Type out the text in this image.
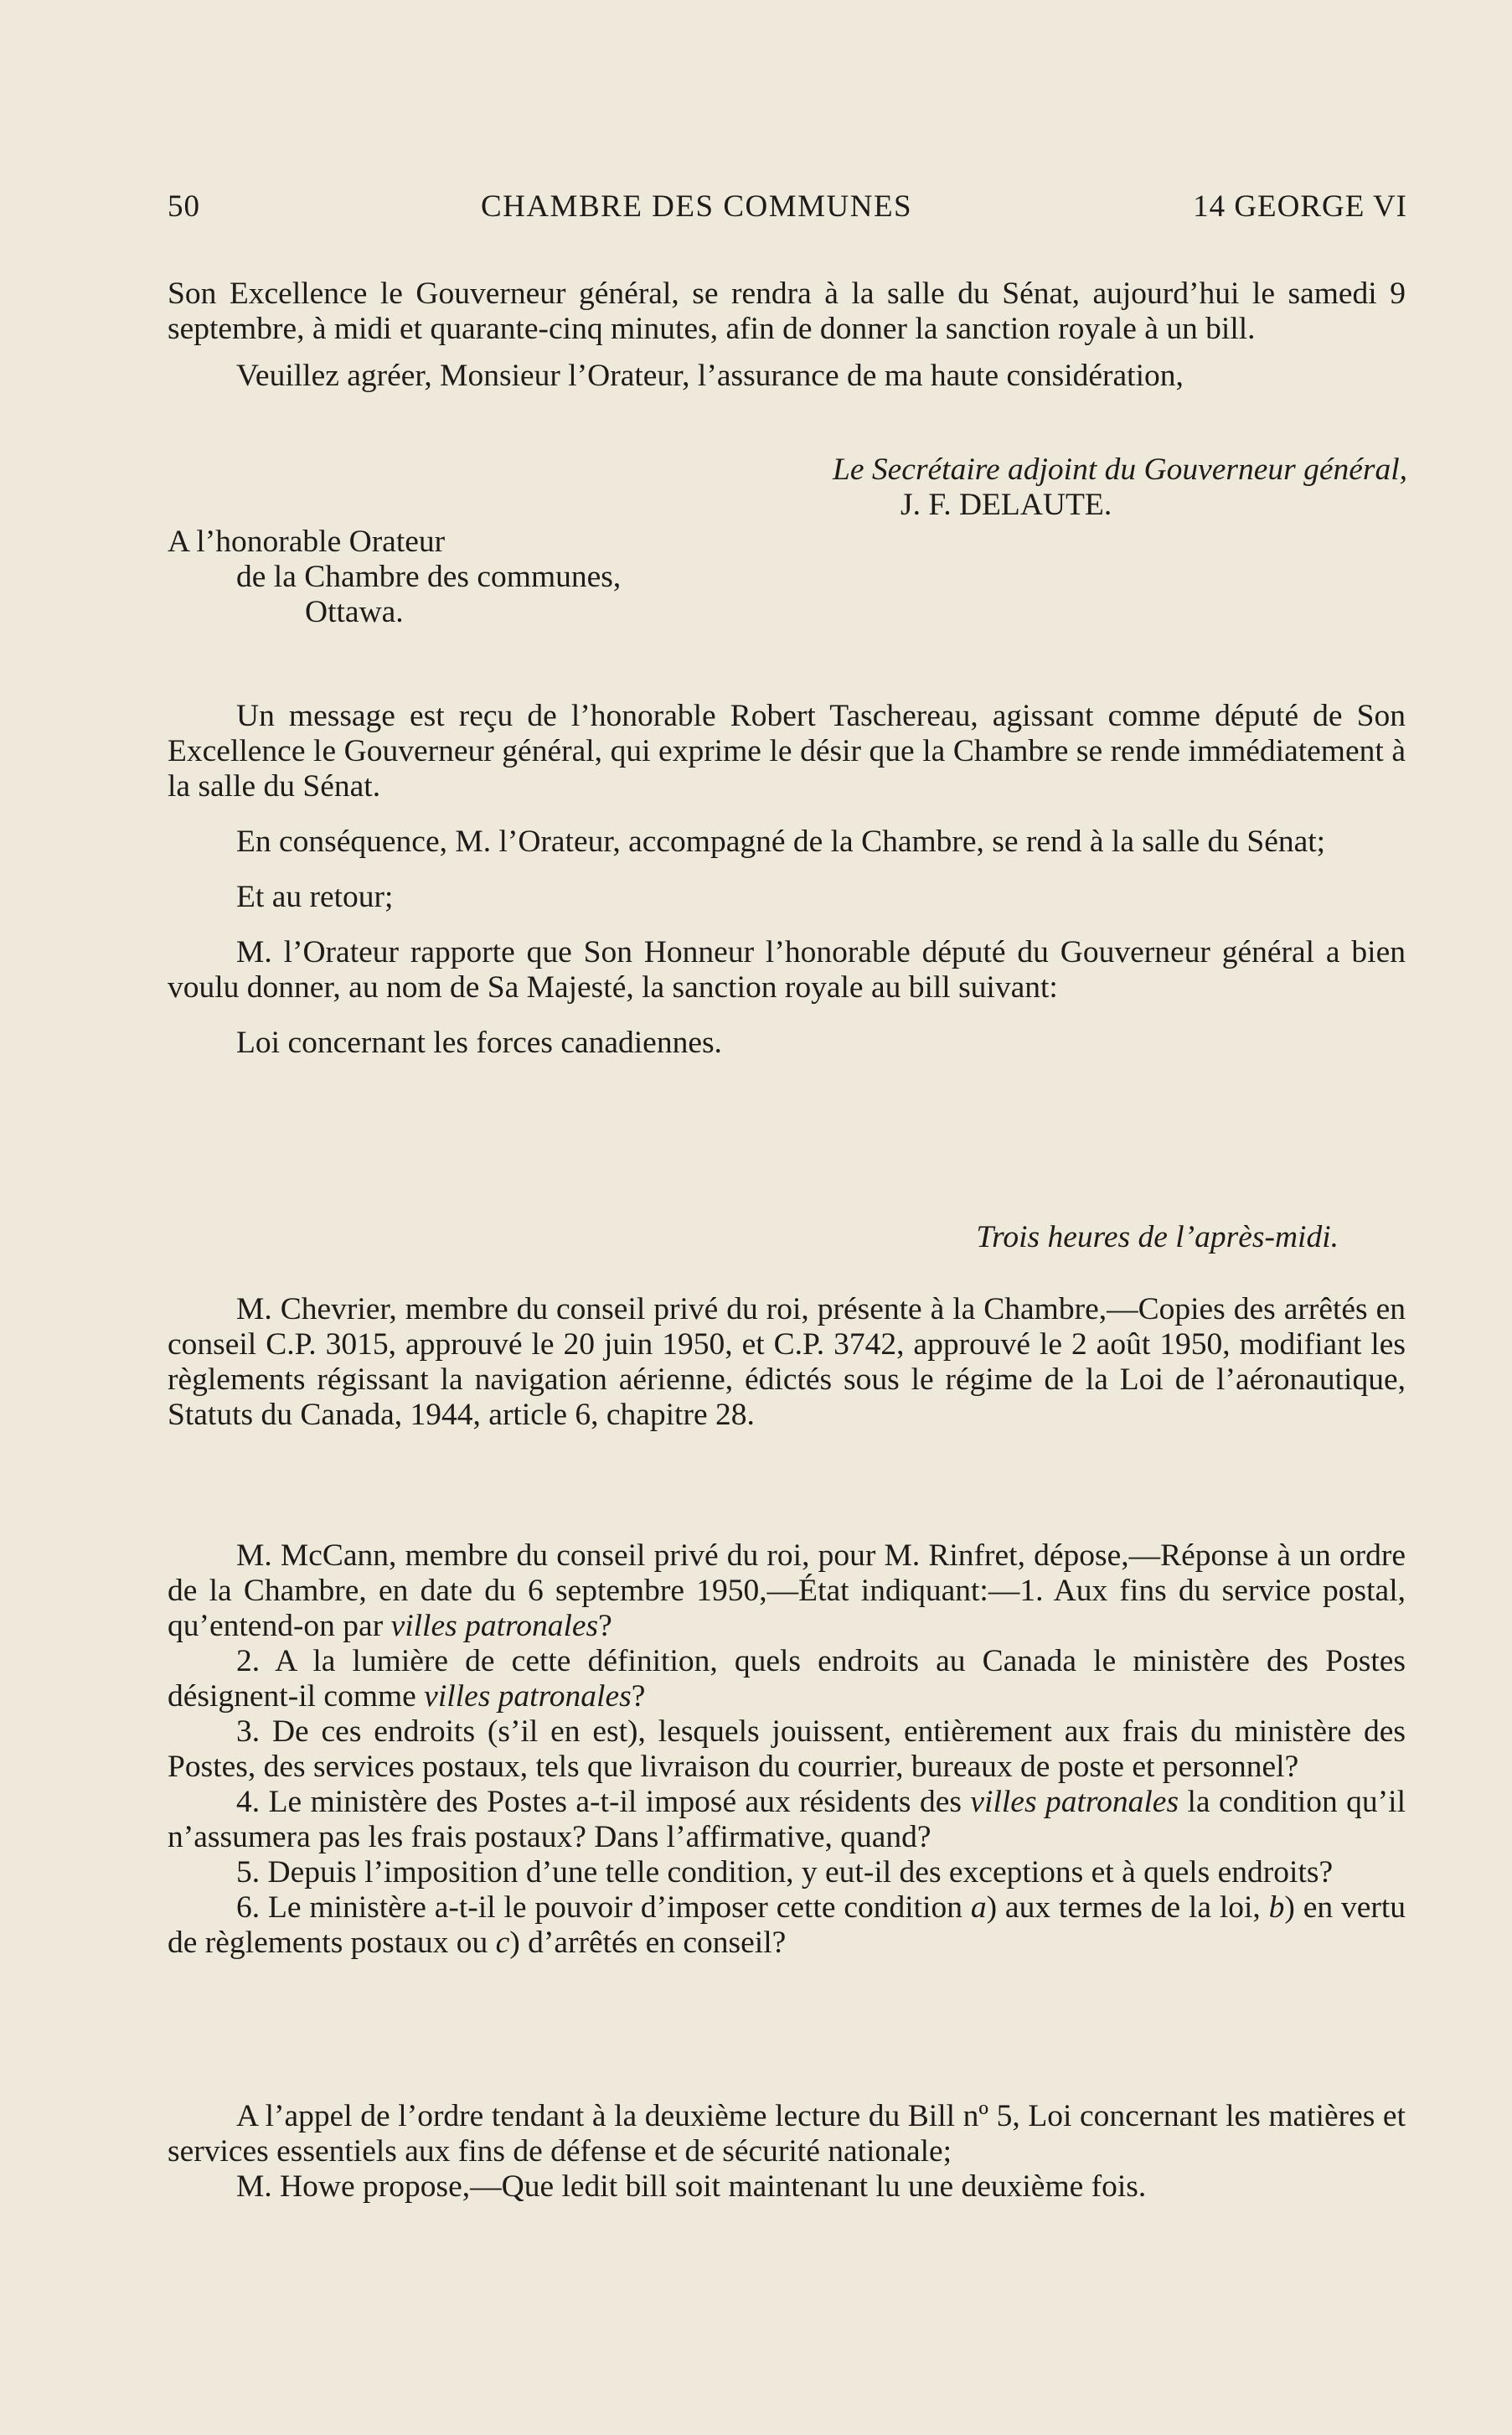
50	CHAMBRE DES COMMUNES	14 GEORGE VI

Son Excellence le Gouverneur général, se rendra à la salle du Sénat, aujourd’hui le samedi 9 septembre, à midi et quarante-cinq minutes, afin de donner la sanction royale à un bill.

Veuillez agréer, Monsieur l’Orateur, l’assurance de ma haute considération,

Le Secrétaire adjoint du Gouverneur général,
J. F. DELAUTE.
A l’honorable Orateur
de la Chambre des communes,
Ottawa.

Un message est reçu de l’honorable Robert Taschereau, agissant comme député de Son Excellence le Gouverneur général, qui exprime le désir que la Chambre se rende immédiatement à la salle du Sénat.

En conséquence, M. l’Orateur, accompagné de la Chambre, se rend à la salle du Sénat;

Et au retour;

M. l’Orateur rapporte que Son Honneur l’honorable député du Gouverneur général a bien voulu donner, au nom de Sa Majesté, la sanction royale au bill suivant:

Loi concernant les forces canadiennes.

Trois heures de l’après-midi.

M. Chevrier, membre du conseil privé du roi, présente à la Chambre,—Copies des arrêtés en conseil C.P. 3015, approuvé le 20 juin 1950, et C.P. 3742, approuvé le 2 août 1950, modifiant les règlements régissant la navigation aérienne, édictés sous le régime de la Loi de l’aéronautique, Statuts du Canada, 1944, article 6, chapitre 28.

M. McCann, membre du conseil privé du roi, pour M. Rinfret, dépose,—Réponse à un ordre de la Chambre, en date du 6 septembre 1950,—État indiquant:—1. Aux fins du service postal, qu’entend-on par villes patronales?

2. A la lumière de cette définition, quels endroits au Canada le ministère des Postes désignent-il comme villes patronales?

3. De ces endroits (s’il en est), lesquels jouissent, entièrement aux frais du ministère des Postes, des services postaux, tels que livraison du courrier, bureaux de poste et personnel?

4. Le ministère des Postes a-t-il imposé aux résidents des villes patronales la condition qu’il n’assumera pas les frais postaux? Dans l’affirmative, quand?

5. Depuis l’imposition d’une telle condition, y eut-il des exceptions et à quels endroits?

6. Le ministère a-t-il le pouvoir d’imposer cette condition a) aux termes de la loi, b) en vertu de règlements postaux ou c) d’arrêtés en conseil?

A l’appel de l’ordre tendant à la deuxième lecture du Bill nº 5, Loi concernant les matières et services essentiels aux fins de défense et de sécurité nationale;

M. Howe propose,—Que ledit bill soit maintenant lu une deuxième fois.
